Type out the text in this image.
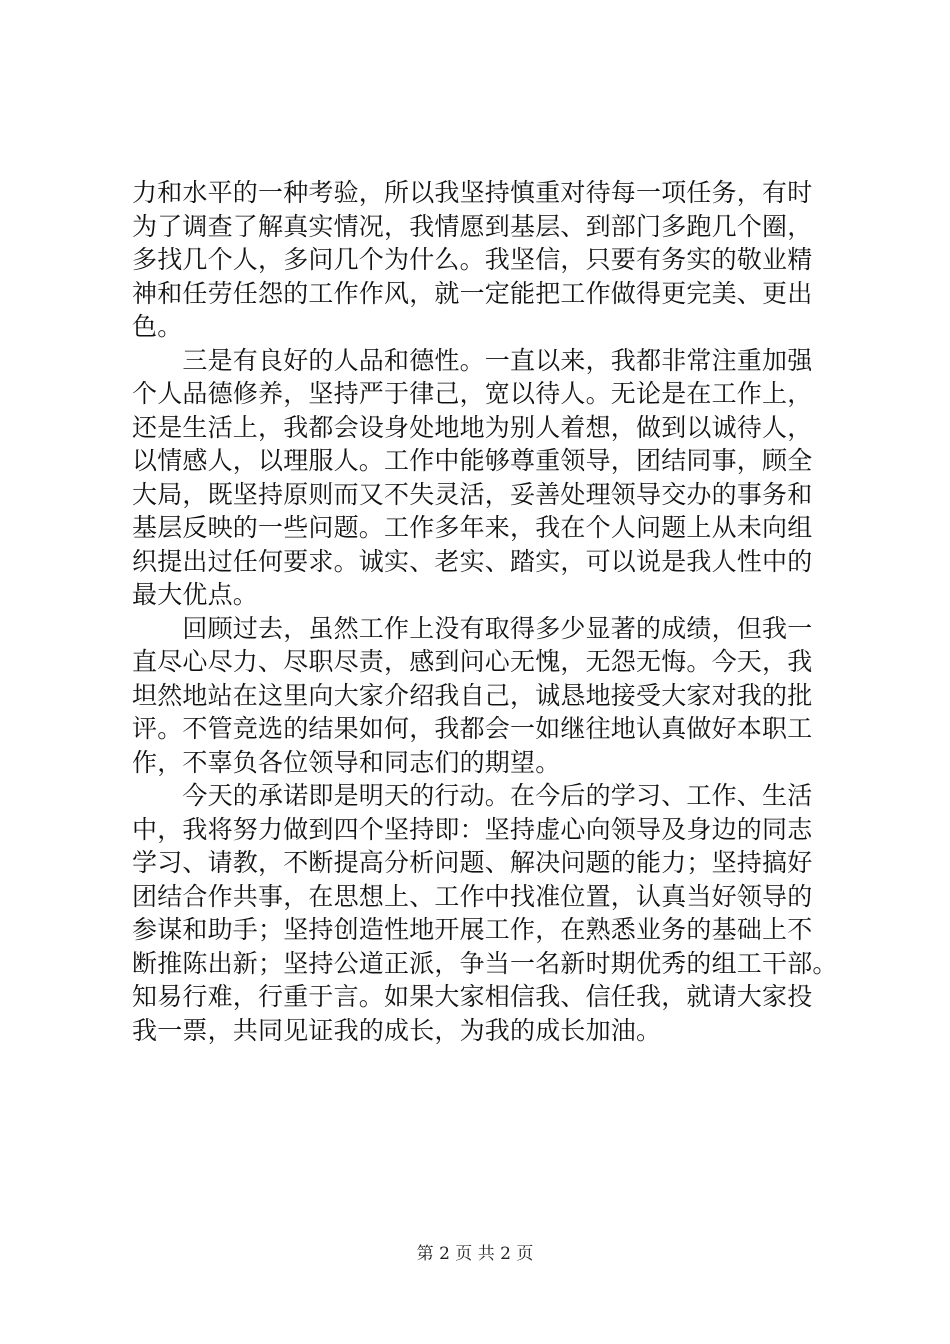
力和水平的一种考验，所以我坚持慎重对待每一项任务，有时
为了调查了解真实情况，我情愿到基层、到部门多跑几个圈，
多找几个人，多问几个为什么。我坚信，只要有务实的敬业精
神和任劳任怨的工作作风，就一定能把工作做得更完美、更出
色。
　　三是有良好的人品和德性。一直以来，我都非常注重加强
个人品德修养，坚持严于律己，宽以待人。无论是在工作上，
还是生活上，我都会设身处地地为别人着想，做到以诚待人，
以情感人，以理服人。工作中能够尊重领导，团结同事，顾全
大局，既坚持原则而又不失灵活，妥善处理领导交办的事务和
基层反映的一些问题。工作多年来，我在个人问题上从未向组
织提出过任何要求。诚实、老实、踏实，可以说是我人性中的
最大优点。
　　回顾过去，虽然工作上没有取得多少显著的成绩，但我一
直尽心尽力、尽职尽责，感到问心无愧，无怨无悔。今天，我
坦然地站在这里向大家介绍我自己，诚恳地接受大家对我的批
评。不管竞选的结果如何，我都会一如继往地认真做好本职工
作，不辜负各位领导和同志们的期望。
　　今天的承诺即是明天的行动。在今后的学习、工作、生活
中，我将努力做到四个坚持即：坚持虚心向领导及身边的同志
学习、请教，不断提高分析问题、解决问题的能力；坚持搞好
团结合作共事，在思想上、工作中找准位置，认真当好领导的
参谋和助手；坚持创造性地开展工作，在熟悉业务的基础上不
断推陈出新；坚持公道正派，争当一名新时期优秀的组工干部。
知易行难，行重于言。如果大家相信我、信任我，就请大家投
我一票，共同见证我的成长，为我的成长加油。
第 2 页 共 2 页
